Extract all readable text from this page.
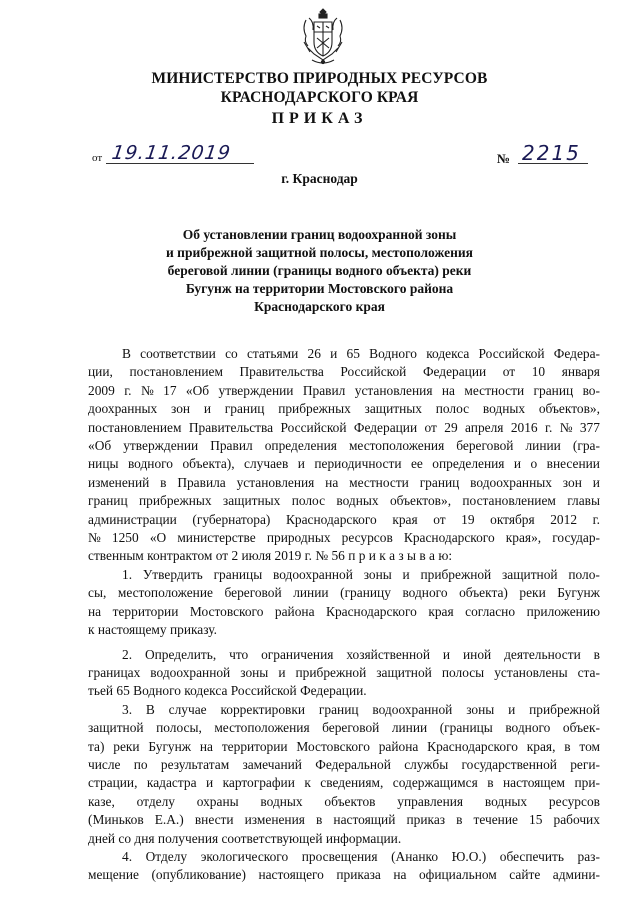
МИНИСТЕРСТВО ПРИРОДНЫХ РЕСУРСОВ
КРАСНОДАРСКОГО КРАЯ
ПРИКАЗ
от 19.11.2019	№ 2215
г. Краснодар
Об установлении границ водоохранной зоны
и прибрежной защитной полосы, местоположения
береговой линии (границы водного объекта) реки
Бугунж на территории Мостовского района
Краснодарского края
В соответствии со статьями 26 и 65 Водного кодекса Российской Федера-
ции, постановлением Правительства Российской Федерации от 10 января
2009 г. № 17 «Об утверждении Правил установления на местности границ во-
доохранных зон и границ прибрежных защитных полос водных объектов»,
постановлением Правительства Российской Федерации от 29 апреля 2016 г. № 377
«Об утверждении Правил определения местоположения береговой линии (гра-
ницы водного объекта), случаев и периодичности ее определения и о внесении
изменений в Правила установления на местности границ водоохранных зон и
границ прибрежных защитных полос водных объектов», постановлением главы
администрации (губернатора) Краснодарского края от 19 октября 2012 г.
№ 1250 «О министерстве природных ресурсов Краснодарского края», государ-
ственным контрактом от 2 июля 2019 г. № 56 п р и к а з ы в а ю:
1. Утвердить границы водоохранной зоны и прибрежной защитной поло-
сы, местоположение береговой линии (границу водного объекта) реки Бугунж
на территории Мостовского района Краснодарского края согласно приложению
к настоящему приказу.
2. Определить, что ограничения хозяйственной и иной деятельности в
границах водоохранной зоны и прибрежной защитной полосы установлены ста-
тьей 65 Водного кодекса Российской Федерации.
3. В случае корректировки границ водоохранной зоны и прибрежной
защитной полосы, местоположения береговой линии (границы водного объек-
та) реки Бугунж на территории Мостовского района Краснодарского края, в том
числе по результатам замечаний Федеральной службы государственной реги-
страции, кадастра и картографии к сведениям, содержащимся в настоящем при-
казе, отделу охраны водных объектов управления водных ресурсов
(Миньков Е.А.) внести изменения в настоящий приказ в течение 15 рабочих
дней со дня получения соответствующей информации.
4. Отделу экологического просвещения (Ананко Ю.О.) обеспечить раз-
мещение (опубликование) настоящего приказа на официальном сайте админи-
